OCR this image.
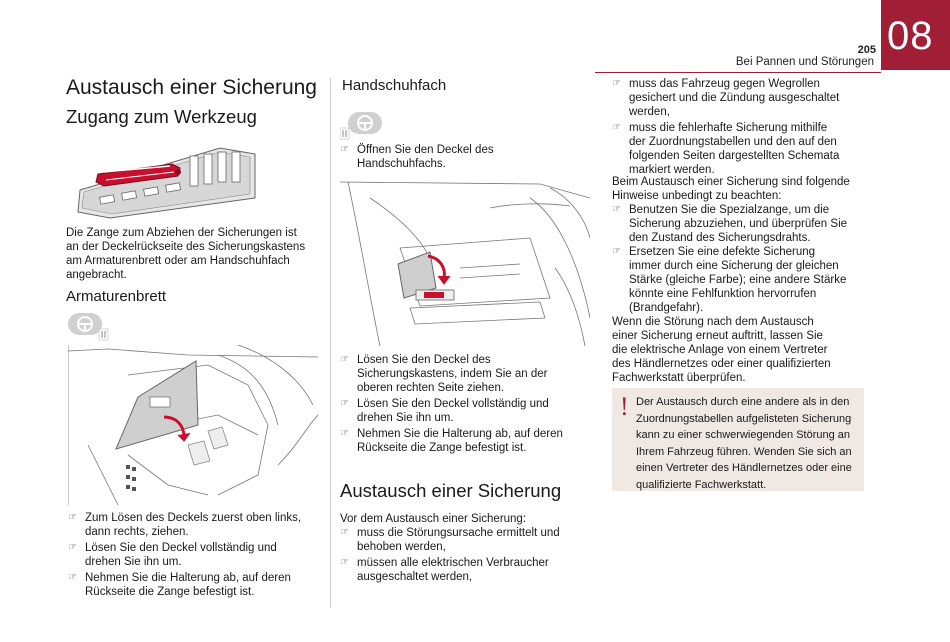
08
205
Bei Pannen und Störungen
Austausch einer Sicherung
Zugang zum Werkzeug
Die Zange zum Abziehen der Sicherungen ist
an der Deckelrückseite des Sicherungskastens
am Armaturenbrett oder am Handschuhfach
angebracht.
Armaturenbrett
☞ Zum Lösen des Deckels zuerst oben links,
dann rechts, ziehen.
☞ Lösen Sie den Deckel vollständig und
drehen Sie ihn um.
☞ Nehmen Sie die Halterung ab, auf deren
Rückseite die Zange befestigt ist.
Handschuhfach
☞ Öffnen Sie den Deckel des
Handschuhfachs.
☞ Lösen Sie den Deckel des
Sicherungskastens, indem Sie an der
oberen rechten Seite ziehen.
☞ Lösen Sie den Deckel vollständig und
drehen Sie ihn um.
☞ Nehmen Sie die Halterung ab, auf deren
Rückseite die Zange befestigt ist.
Austausch einer Sicherung
Vor dem Austausch einer Sicherung:
☞ muss die Störungsursache ermittelt und
behoben werden,
☞ müssen alle elektrischen Verbraucher
ausgeschaltet werden,
☞ muss das Fahrzeug gegen Wegrollen
gesichert und die Zündung ausgeschaltet
werden,
☞ muss die fehlerhafte Sicherung mithilfe
der Zuordnungstabellen und den auf den
folgenden Seiten dargestellten Schemata
markiert werden.
Beim Austausch einer Sicherung sind folgende
Hinweise unbedingt zu beachten:
☞ Benutzen Sie die Spezialzange, um die
Sicherung abzuziehen, und überprüfen Sie
den Zustand des Sicherungsdrahts.
☞ Ersetzen Sie eine defekte Sicherung
immer durch eine Sicherung der gleichen
Stärke (gleiche Farbe); eine andere Stärke
könnte eine Fehlfunktion hervorrufen
(Brandgefahr).
Wenn die Störung nach dem Austausch
einer Sicherung erneut auftritt, lassen Sie
die elektrische Anlage von einem Vertreter
des Händlernetzes oder einer qualifizierten
Fachwerkstatt überprüfen.
! Der Austausch durch eine andere als in den
Zuordnungstabellen aufgelisteten Sicherung
kann zu einer schwerwiegenden Störung an
Ihrem Fahrzeug führen. Wenden Sie sich an
einen Vertreter des Händlernetzes oder eine
qualifizierte Fachwerkstatt.
